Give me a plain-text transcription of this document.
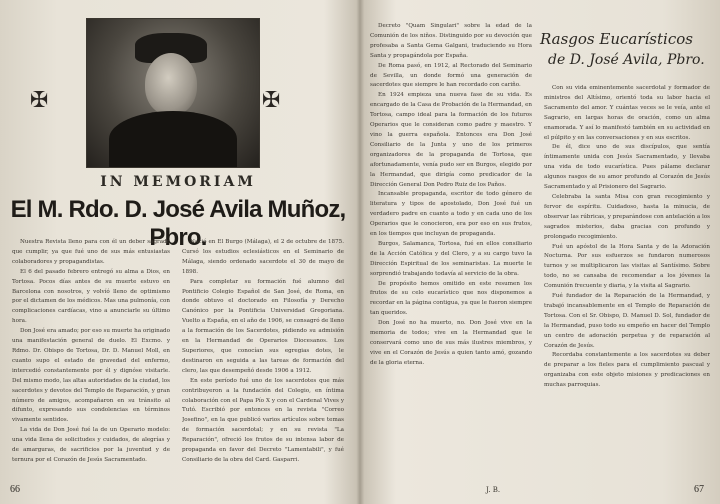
✠	✠
IN MEMORIAM
El M. Rdo. D. José Avila Muñoz, Pbro.

Nuestra Revista lleno para con él un deber sagrado que cumplir, ya que fué uno de sus más entusiastas colaboradores y propagandistas.

El 6 del pasado febrero entregó su alma a Dios, en Tortosa. Pocos días antes de su muerte estuvo en Barcelona con nosotros, y volvíó lleno de optimismo por el dictamen de los médicos. Mas una pulmonía, con complicaciones cardíacas, vino a anunciarle su último hora.

Don José era amado; por eso su muerte ha originado una manifestación general de duelo. El Excmo. y Rdmo. Dr. Obispo de Tortosa, Dr. D. Manuel Moll, en cuanto supo el estado de gravedad del enfermo, intercedió constantemente por él y dignóse visitarle. Del mismo modo, las altas autoridades de la ciudad, los sacerdotes y devotos del Templo de Reparación, y gran número de amigos, acompañaron en su tránsito al difunto, expresando sus condolencias en términos vivamente sentidos.

La vida de Don José fué la de un Operario modelo: una vida llena de solicitudes y cuidados, de alegrías y de amarguras, de sacrificios por la juventud y de ternura por el Corazón de Jesús Sacramentado.

Nació en El Burgo (Málaga), el 2 de octubre de 1875. Cursó los estudios eclesiásticos en el Seminario de Málaga, siendo ordenado sacerdote el 30 de mayo de 1898.

Para completar su formación fué alumno del Pontificio Colegio Español de San José, de Roma, en donde obtuvo el doctorado en Filosofía y Derecho Canónico por la Pontificia Universidad Gregoriana. Vuelto a España, en el año de 1906, se consagró de lleno a la formación de los Sacerdotes, pidiendo su admisión en la Hermandad de Operarios Diocesanos. Los Superiores, que conocían sus egregias dotes, le destinaron en seguida a las tareas de formación del clero, las que desempeñó desde 1906 a 1912.

En este período fué uno de los sacerdotes que más contribuyeron a la fundación del Colegio, en íntima colaboración con el Papa Pío X y con el Cardenal Vives y Tutó. Escribió por entonces en la revista "Correo Josefino", en la que publicó varios artículos sobre temas de formación sacerdotal; y en su revista "La Reparación", ofreció los frutos de su intensa labor de propaganda en favor del Decreto "Lamentabili", y fué Consiliario de la obra del Card. Gasparri.

66

Decreto "Quam Singulari" sobre la edad de la Comunión de los niños. Distinguido por su devoción que profesaba a Santa Gema Galgani, traduciendo su Hora Santa y propagándola por España.

De Roma pasó, en 1912, al Rectorado del Seminario de Sevilla, un donde formó una generación de sacerdotes que siempre le han recordado con cariño.

En 1924 empieza una nueva fase de su vida. Es encargado de la Casa de Probación de la Hermandad, en Tortosa, campo ideal para la formación de los futuros Operarios que le consideran como padre y maestro. Y vino la guerra española. Entonces era Don José Consiliario de la Junta y uno de los primeros organizadores de la propaganda de Tortosa, que afortunadamente, venía pudo ser en Burgos, elegido por la Hermandad, que dirigía como predicador de la Dirección General Don Pedro Ruiz de los Paños.

Incansable propaganda, escritor de todo género de literatura y tipos de apostolado, Don José fué un verdadero padre en cuanto a todo y en cada uno de los Operarios que le conocieron, era por eso en sus frutos, en los tiempos que incluyan de propaganda.

Burgos, Salamanca, Tortosa, fué en ellos consiliario de la Acción Católica y del Clero, y a su cargo tuvo la Dirección Espiritual de los seminaristas. La muerte le sorprendió trabajando todavía al servicio de la obra.

De propósito hemos omitido en este resumen los frutos de su celo eucarístico que nos disponemos a recordar en la página contigua, ya que le fueron siempre tan queridos.

Don José no ha muerto, no. Don José vive en la memoria de todos; vive en la Hermandad que le conservará como uno de sus más ilustres miembros, y vive en el Corazón de Jesús a quien tanto amó, gozando de la gloria eterna.

Rasgos Eucarísticos
de D. José Avila, Pbro.

Con su vida eminentemente sacerdotal y formador de ministros del Altísimo, orientó toda su labor hacia el Sacramento del amor. Y cuántas veces se le veía, ante el Sagrario, en largas horas de oración, como un alma enamorada. Y así lo manifestó también en su actividad en el púlpito y en las conversaciones y en sus escritos.

De él, dice uno de sus discípulos, que sentía íntimamente unida con Jesús Sacramentado, y llevaba una vida de todo eucarística. Pues pálame declarar algunos rasgos de su amor profundo al Corazón de Jesús Sacramentado y al Prisionero del Sagrario.

Celebraba la santa Misa con gran recogimiento y fervor de espíritu. Cuidadoso, hasta la minucia, de observar las rúbricas, y preparándose con antelación a los sagrados misterios, daba gracias con profundo y prolongado recogimiento.

Fué un apóstol de la Hora Santa y de la Adoración Nocturna. Por sus esfuerzos se fundaron numerosos turnos y se multiplicaron las visitas al Santísimo. Sobre todo, no se cansaba de recomendar a los jóvenes la Comunión frecuente y diaria, y la visita al Sagrario.

Fué fundador de la Reparación de la Hermandad, y trabajó incansablemente en el Templo de Reparación de Tortosa. Con el Sr. Obispo, D. Manuel D. Sol, fundador de la Hermandad, puso todo su empeño en hacer del Templo un centro de adoración perpetua y de reparación al Corazón de Jesús.

Recordaba constantemente a los sacerdotes su deber de preparar a los fieles para el cumplimiento pascual y organizaba con este objeto misiones y predicaciones en muchas parroquias.

J. B.	67
